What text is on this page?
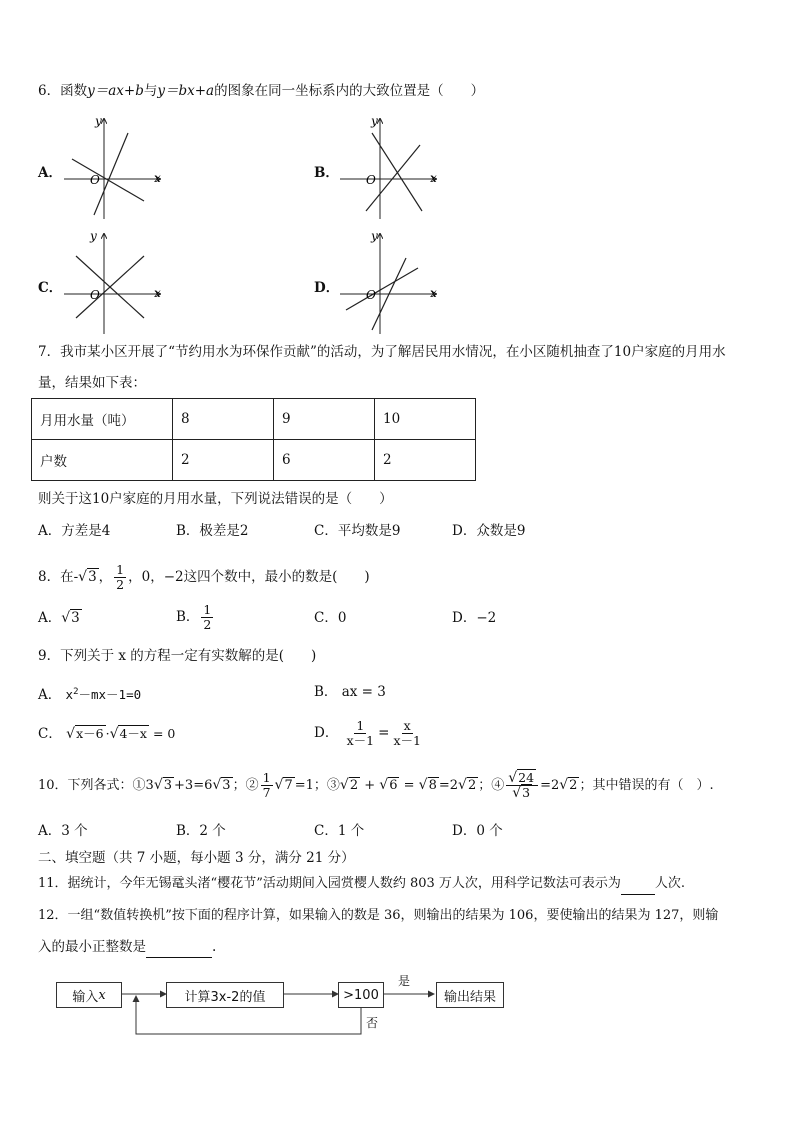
6．函数y＝ax+b与y＝bx+a的图象在同一坐标系内的大致位置是（　　）
A．	B．
C．	D．
y
x
O
y
x
O
y
x
O
y
x
O
7．我市某小区开展了“节约用水为环保作贡献”的活动，为了解居民用水情况，在小区随机抽查了10户家庭的月用水
量，结果如下表：
月用水量（吨）	8	9	10
户数	2	6	2
则关于这10户家庭的月用水量，下列说法错误的是（　　）
A．方差是4	B．极差是2	C．平均数是9	D．众数是9
8．在-√3 ， $\frac{1}{2}$ ，0，−2这四个数中，最小的数是(　　)
A．√3	B． $\frac{1}{2}$	C．0	D．−2
9．下列关于 x 的方程一定有实数解的是(　　)
A． $x^2-mx-1=0$	B． ax = 3
C． √x－6 ·√4－x = 0	D． $\frac{1}{x-1} = \frac{x}{x-1}$
10．下列各式：①3√3 +3=6√3 ；② $\frac{1}{7} √7 =1$；③√2 + √6 = √8 =2√2 ；④ $\frac{√24}{√3} =2√2$ ；其中错误的有（　）.
A．3 个	B．2 个	C．1 个	D．0 个
二、填空题（共 7 小题，每小题 3 分，满分 21 分）
11．据统计，今年无锡鼋头渚“樱花节”活动期间入园赏樱人数约 803 万人次，用科学记数法可表示为	人次.
12．一组“数值转换机”按下面的程序计算，如果输入的数是 36，则输出的结果为 106，要使输出的结果为 127，则输
入的最小正整数是	.
输入 x	计算3x-2的值	>100	输出结果
是
否
